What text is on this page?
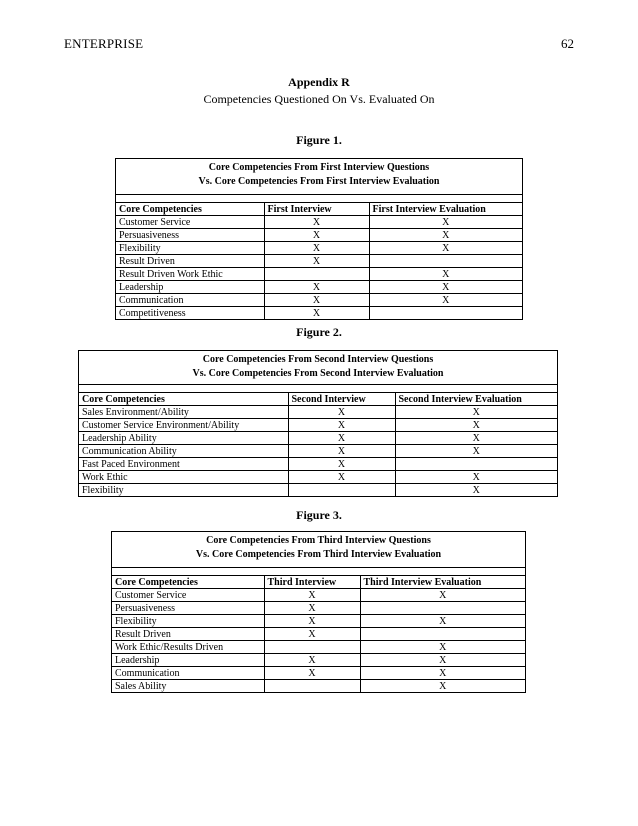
ENTERPRISE	62
Appendix R
Competencies Questioned On Vs. Evaluated On
Figure 1.
Core Competencies From First Interview Questions
Vs. Core Competencies From First Interview Evaluation
Core Competencies	First Interview	First Interview Evaluation
Customer Service	X	X
Persuasiveness	X	X
Flexibility	X	X
Result Driven	X	
Result Driven Work Ethic		X
Leadership	X	X
Communication	X	X
Competitiveness	X	
Figure 2.
Core Competencies From Second Interview Questions
Vs. Core Competencies From Second Interview Evaluation
Core Competencies	Second Interview	Second Interview Evaluation
Sales Environment/Ability	X	X
Customer Service Environment/Ability	X	X
Leadership Ability	X	X
Communication Ability	X	X
Fast Paced Environment	X	
Work Ethic	X	X
Flexibility		X
Figure 3.
Core Competencies From Third Interview Questions
Vs. Core Competencies From Third Interview Evaluation
Core Competencies	Third Interview	Third Interview Evaluation
Customer Service	X	X
Persuasiveness	X	
Flexibility	X	X
Result Driven	X	
Work Ethic/Results Driven		X
Leadership	X	X
Communication	X	X
Sales Ability		X
